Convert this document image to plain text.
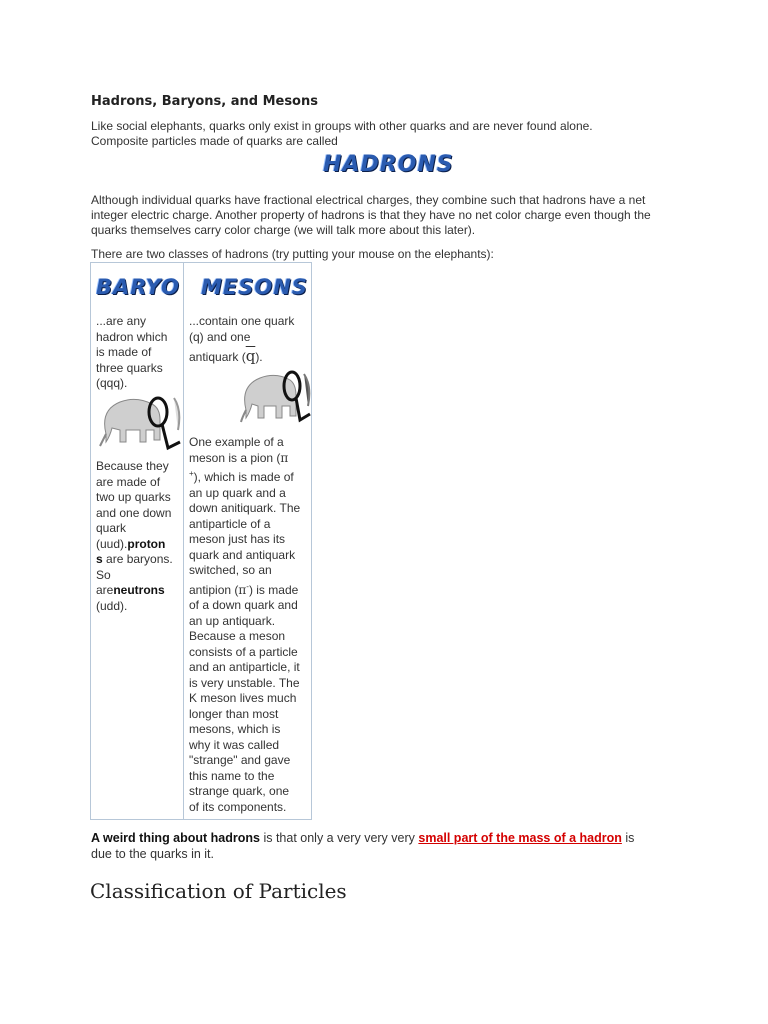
Hadrons, Baryons, and Mesons
Like social elephants, quarks only exist in groups with other quarks and are never found alone.
Composite particles made of quarks are called
HADRONS
Although individual quarks have fractional electrical charges, they combine such that hadrons have a net
integer electric charge. Another property of hadrons is that they have no net color charge even though the
quarks themselves carry color charge (we will talk more about this later).
There are two classes of hadrons (try putting your mouse on the elephants):
BARYO
...are any
hadron which
is made of
three quarks
(qqq).
Because they
are made of
two up quarks
and one down
quark
(uud).proton
s are baryons.
So
areneutrons
(udd).
MESONS
...contain one quark
(q) and one
antiquark $(\overline{q})$.
One example of a
meson is a pion (π
+), which is made of
an up quark and a
down anitiquark. The
antiparticle of a
meson just has its
quark and antiquark
switched, so an
antipion (π-) is made
of a down quark and
an up antiquark.
Because a meson
consists of a particle
and an antiparticle, it
is very unstable. The
K meson lives much
longer than most
mesons, which is
why it was called
"strange" and gave
this name to the
strange quark, one
of its components.
A weird thing about hadrons is that only a very very very small part of the mass of a hadron is
due to the quarks in it.
Classification of Particles
